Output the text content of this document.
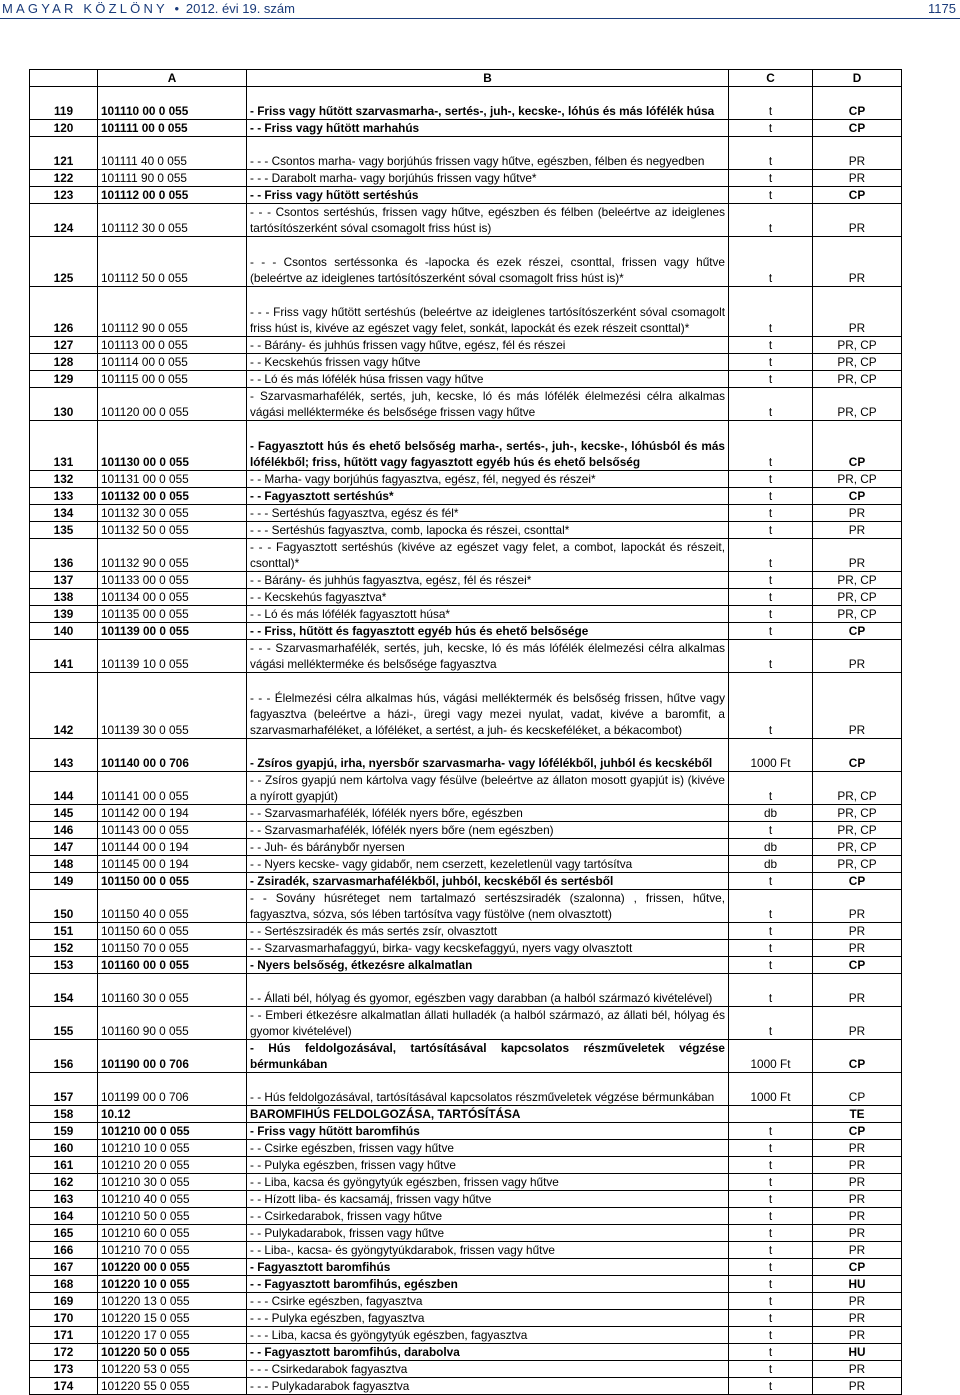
MAGYAR KÖZLÖNY • 2012. évi 19. szám	1175
	A	B	C	D
119	101110 00 0 055	- Friss vagy hűtött szarvasmarha-, sertés-, juh-, kecske-, lóhús és más lófélék húsa	t	CP
120	101111 00 0 055	- - Friss vagy hűtött marhahús	t	CP
121	101111 40 0 055	- - - Csontos marha- vagy borjúhús frissen vagy hűtve, egészben, félben és negyedben	t	PR
122	101111 90 0 055	- - - Darabolt marha- vagy borjúhús frissen vagy hűtve*	t	PR
123	101112 00 0 055	- - Friss vagy hűtött sertéshús	t	CP
124	101112 30 0 055	- - - Csontos sertéshús, frissen vagy hűtve, egészben és félben (beleértve az ideiglenes tartósítószerként sóval csomagolt friss húst is)	t	PR
125	101112 50 0 055	- - - Csontos sertéssonka és -lapocka és ezek részei, csonttal, frissen vagy hűtve (beleértve az ideiglenes tartósítószerként sóval csomagolt friss húst is)*	t	PR
126	101112 90 0 055	- - - Friss vagy hűtött sertéshús (beleértve az ideiglenes tartósítószerként sóval csomagolt friss húst is, kivéve az egészet vagy felet, sonkát, lapockát és ezek részeit csonttal)*	t	PR
127	101113 00 0 055	- - Bárány- és juhhús frissen vagy hűtve, egész, fél és részei	t	PR, CP
128	101114 00 0 055	- - Kecskehús frissen vagy hűtve	t	PR, CP
129	101115 00 0 055	- - Ló és más lófélék húsa frissen vagy hűtve	t	PR, CP
130	101120 00 0 055	- Szarvasmarhafélék, sertés, juh, kecske, ló és más lófélék élelmezési célra alkalmas vágási mellékterméke és belsősége frissen vagy hűtve	t	PR, CP
131	101130 00 0 055	- Fagyasztott hús és ehető belsőség marha-, sertés-, juh-, kecske-, lóhúsból és más lófélékből; friss, hűtött vagy fagyasztott egyéb hús és ehető belsőség	t	CP
132	101131 00 0 055	- - Marha- vagy borjúhús fagyasztva, egész, fél, negyed és részei*	t	PR, CP
133	101132 00 0 055	- - Fagyasztott sertéshús*	t	CP
134	101132 30 0 055	- - - Sertéshús fagyasztva, egész és fél*	t	PR
135	101132 50 0 055	- - - Sertéshús fagyasztva, comb, lapocka és részei, csonttal*	t	PR
136	101132 90 0 055	- - - Fagyasztott sertéshús (kivéve az egészet vagy felet, a combot, lapockát és részeit, csonttal)*	t	PR
137	101133 00 0 055	- - Bárány- és juhhús fagyasztva, egész, fél és részei*	t	PR, CP
138	101134 00 0 055	- - Kecskehús fagyasztva*	t	PR, CP
139	101135 00 0 055	- - Ló és más lófélék fagyasztott húsa*	t	PR, CP
140	101139 00 0 055	- - Friss, hűtött és fagyasztott egyéb hús és ehető belsősége	t	CP
141	101139 10 0 055	- - - Szarvasmarhafélék, sertés, juh, kecske, ló és más lófélék élelmezési célra alkalmas vágási mellékterméke és belsősége fagyasztva	t	PR
142	101139 30 0 055	- - - Élelmezési célra alkalmas hús, vágási melléktermék és belsőség frissen, hűtve vagy fagyasztva (beleértve a házi-, üregi vagy mezei nyulat, vadat, kivéve a baromfit, a szarvasmarhaféléket, a lóféléket, a sertést, a juh- és kecskeféléket, a békacombot)	t	PR
143	101140 00 0 706	- Zsíros gyapjú, irha, nyersbőr szarvasmarha- vagy lófélékből, juhból és kecskéből	1000 Ft	CP
144	101141 00 0 055	- - Zsíros gyapjú nem kártolva vagy fésülve (beleértve az állaton mosott gyapjút is) (kivéve a nyírott gyapjút)	t	PR, CP
145	101142 00 0 194	- - Szarvasmarhafélék, lófélék nyers bőre, egészben	db	PR, CP
146	101143 00 0 055	- - Szarvasmarhafélék, lófélék nyers bőre (nem egészben)	t	PR, CP
147	101144 00 0 194	- - Juh- és báránybőr nyersen	db	PR, CP
148	101145 00 0 194	- - Nyers kecske- vagy gidabőr, nem cserzett, kezeletlenül vagy tartósítva	db	PR, CP
149	101150 00 0 055	- Zsiradék, szarvasmarhafélékből, juhból, kecskéből és sertésből	t	CP
150	101150 40 0 055	- - Sovány húsréteget nem tartalmazó sertészsiradék (szalonna) , frissen, hűtve, fagyasztva, sózva, sós lében tartósítva vagy füstölve (nem olvasztott)	t	PR
151	101150 60 0 055	- - Sertészsiradék és más sertés zsír, olvasztott	t	PR
152	101150 70 0 055	- - Szarvasmarhafaggyú, birka- vagy kecskefaggyú, nyers vagy olvasztott	t	PR
153	101160 00 0 055	- Nyers belsőség, étkezésre alkalmatlan	t	CP
154	101160 30 0 055	- - Állati bél, hólyag és gyomor, egészben vagy darabban (a halból származó kivételével)	t	PR
155	101160 90 0 055	- - Emberi étkezésre alkalmatlan állati hulladék (a halból származó, az állati bél, hólyag és gyomor kivételével)	t	PR
156	101190 00 0 706	- Hús feldolgozásával, tartósításával kapcsolatos részműveletek végzése bérmunkában	1000 Ft	CP
157	101199 00 0 706	- - Hús feldolgozásával, tartósításával kapcsolatos részműveletek végzése bérmunkában	1000 Ft	CP
158	10.12	BAROMFIHÚS FELDOLGOZÁSA, TARTÓSÍTÁSA		TE
159	101210 00 0 055	- Friss vagy hűtött baromfihús	t	CP
160	101210 10 0 055	- - Csirke egészben, frissen vagy hűtve	t	PR
161	101210 20 0 055	- - Pulyka egészben, frissen vagy hűtve	t	PR
162	101210 30 0 055	- - Liba, kacsa és gyöngytyúk egészben, frissen vagy hűtve	t	PR
163	101210 40 0 055	- - Hízott liba- és kacsamáj, frissen vagy hűtve	t	PR
164	101210 50 0 055	- - Csirkedarabok, frissen vagy hűtve	t	PR
165	101210 60 0 055	- - Pulykadarabok, frissen vagy hűtve	t	PR
166	101210 70 0 055	- - Liba-, kacsa- és gyöngytyúkdarabok, frissen vagy hűtve	t	PR
167	101220 00 0 055	- Fagyasztott baromfihús	t	CP
168	101220 10 0 055	- - Fagyasztott baromfihús, egészben	t	HU
169	101220 13 0 055	- - - Csirke egészben, fagyasztva	t	PR
170	101220 15 0 055	- - - Pulyka egészben, fagyasztva	t	PR
171	101220 17 0 055	- - - Liba, kacsa és gyöngytyúk egészben, fagyasztva	t	PR
172	101220 50 0 055	- - Fagyasztott baromfihús, darabolva	t	HU
173	101220 53 0 055	- - - Csirkedarabok fagyasztva	t	PR
174	101220 55 0 055	- - - Pulykadarabok fagyasztva	t	PR
